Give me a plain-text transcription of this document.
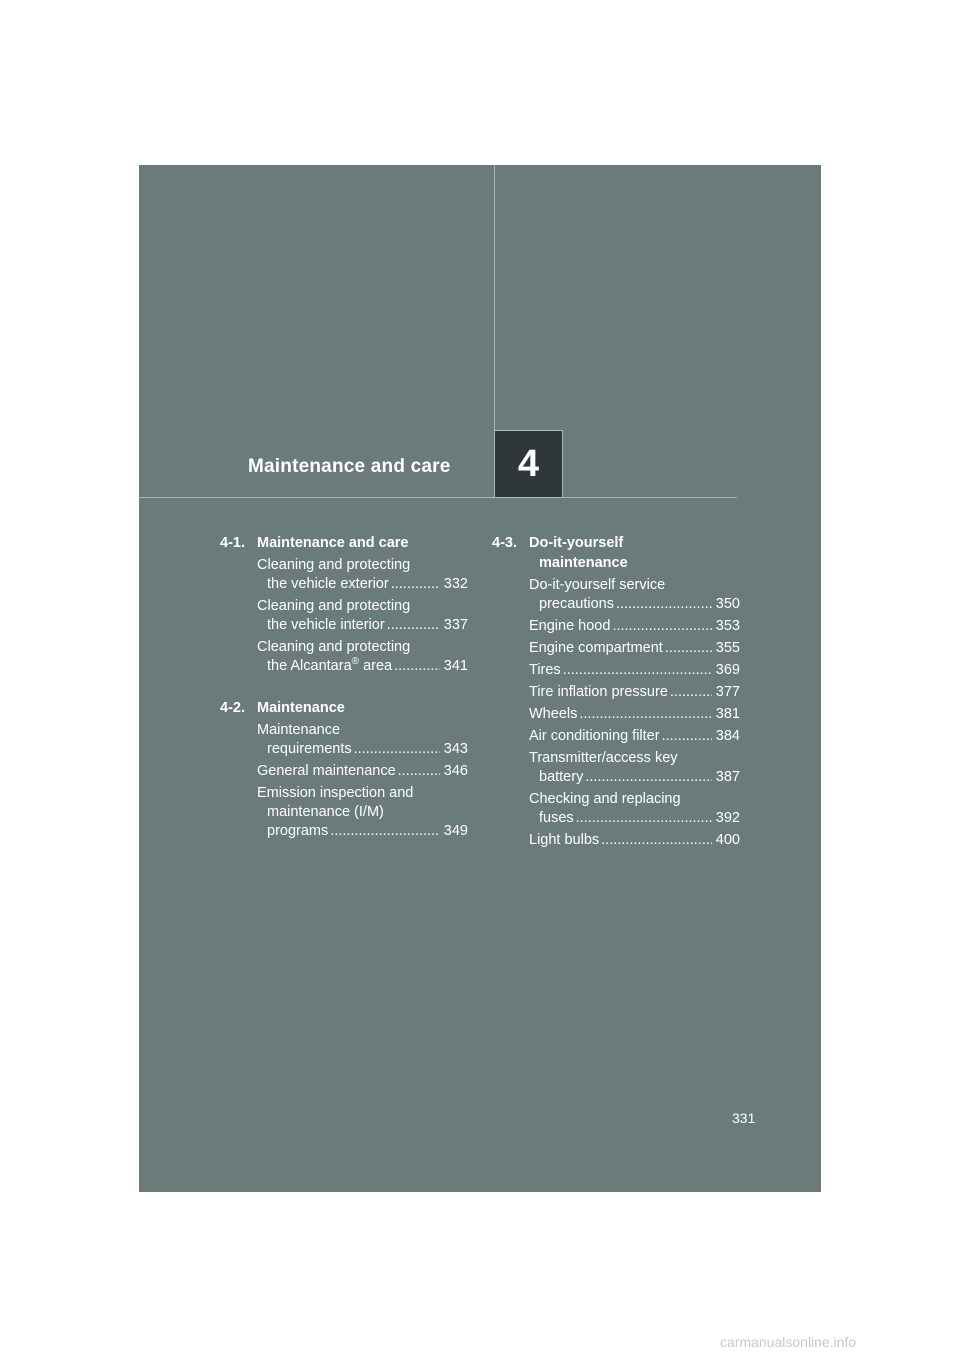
Maintenance and care 4
4-1. Maintenance and care
Cleaning and protecting
the vehicle exterior .....	332
Cleaning and protecting
the vehicle interior .....	337
Cleaning and protecting
the Alcantara® area .....	341
4-2. Maintenance
Maintenance
requirements .....	343
General maintenance .....	346
Emission inspection and
maintenance (I/M)
programs .....	349
4-3. Do-it-yourself
maintenance
Do-it-yourself service
precautions .....	350
Engine hood .....	353
Engine compartment .....	355
Tires .....	369
Tire inflation pressure .....	377
Wheels .....	381
Air conditioning filter .....	384
Transmitter/access key
battery .....	387
Checking and replacing
fuses .....	392
Light bulbs .....	400
331
carmanualsonline.info
